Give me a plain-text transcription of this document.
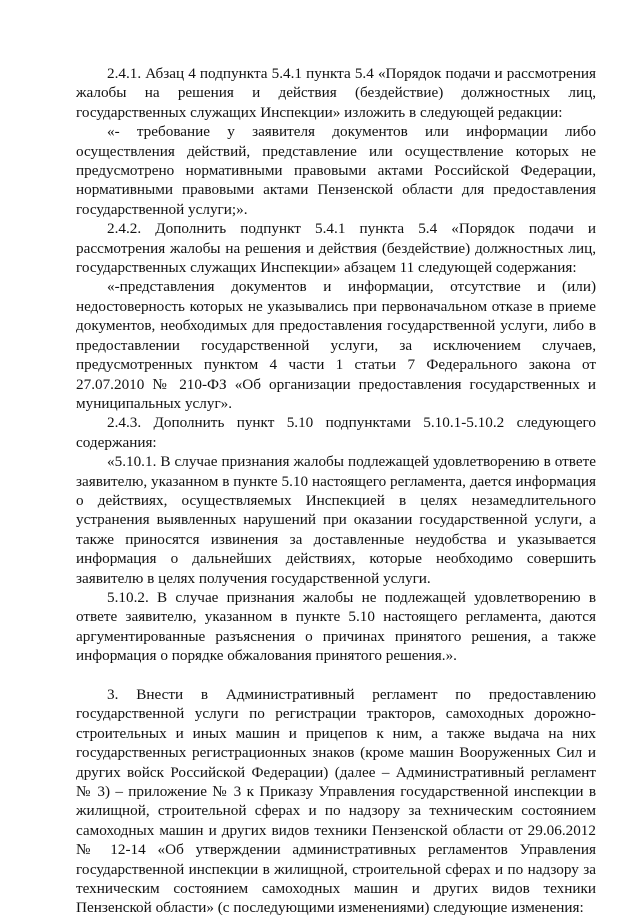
2.4.1. Абзац 4 подпункта 5.4.1 пункта 5.4 «Порядок подачи и рассмотрения жалобы на решения и действия (бездействие) должностных лиц, государственных служащих Инспекции» изложить в следующей редакции:

«- требование у заявителя документов или информации либо осуществления действий, представление или осуществление которых не предусмотрено нормативными правовыми актами Российской Федерации, нормативными правовыми актами Пензенской области для предоставления государственной услуги;».

2.4.2. Дополнить подпункт 5.4.1 пункта 5.4 «Порядок подачи и рассмотрения жалобы на решения и действия (бездействие) должностных лиц, государственных служащих Инспекции» абзацем 11 следующей содержания:

«-представления документов и информации, отсутствие и (или) недостоверность которых не указывались при первоначальном отказе в приеме документов, необходимых для предоставления государственной услуги, либо в предоставлении государственной услуги, за исключением случаев, предусмотренных пунктом 4 части 1 статьи 7 Федерального закона от 27.07.2010 № 210-ФЗ «Об организации предоставления государственных и муниципальных услуг».

2.4.3. Дополнить пункт 5.10 подпунктами 5.10.1-5.10.2 следующего содержания:

«5.10.1. В случае признания жалобы подлежащей удовлетворению в ответе заявителю, указанном в пункте 5.10 настоящего регламента, дается информация о действиях, осуществляемых Инспекцией в целях незамедлительного устранения выявленных нарушений при оказании государственной услуги, а также приносятся извинения за доставленные неудобства и указывается информация о дальнейших действиях, которые необходимо совершить заявителю в целях получения государственной услуги.

5.10.2. В случае признания жалобы не подлежащей удовлетворению в ответе заявителю, указанном в пункте 5.10 настоящего регламента, даются аргументированные разъяснения о причинах принятого решения, а также информация о порядке обжалования принятого решения.».

3. Внести в Административный регламент по предоставлению государственной услуги по регистрации тракторов, самоходных дорожно-строительных и иных машин и прицепов к ним, а также выдача на них государственных регистрационных знаков (кроме машин Вооруженных Сил и других войск Российской Федерации) (далее – Административный регламент № 3) – приложение № 3 к Приказу Управления государственной инспекции в жилищной, строительной сферах и по надзору за техническим состоянием самоходных машин и других видов техники Пензенской области от 29.06.2012 № 12-14 «Об утверждении административных регламентов Управления государственной инспекции в жилищной, строительной сферах и по надзору за техническим состоянием самоходных машин и других видов техники Пензенской области» (с последующими изменениями) следующие изменения:
